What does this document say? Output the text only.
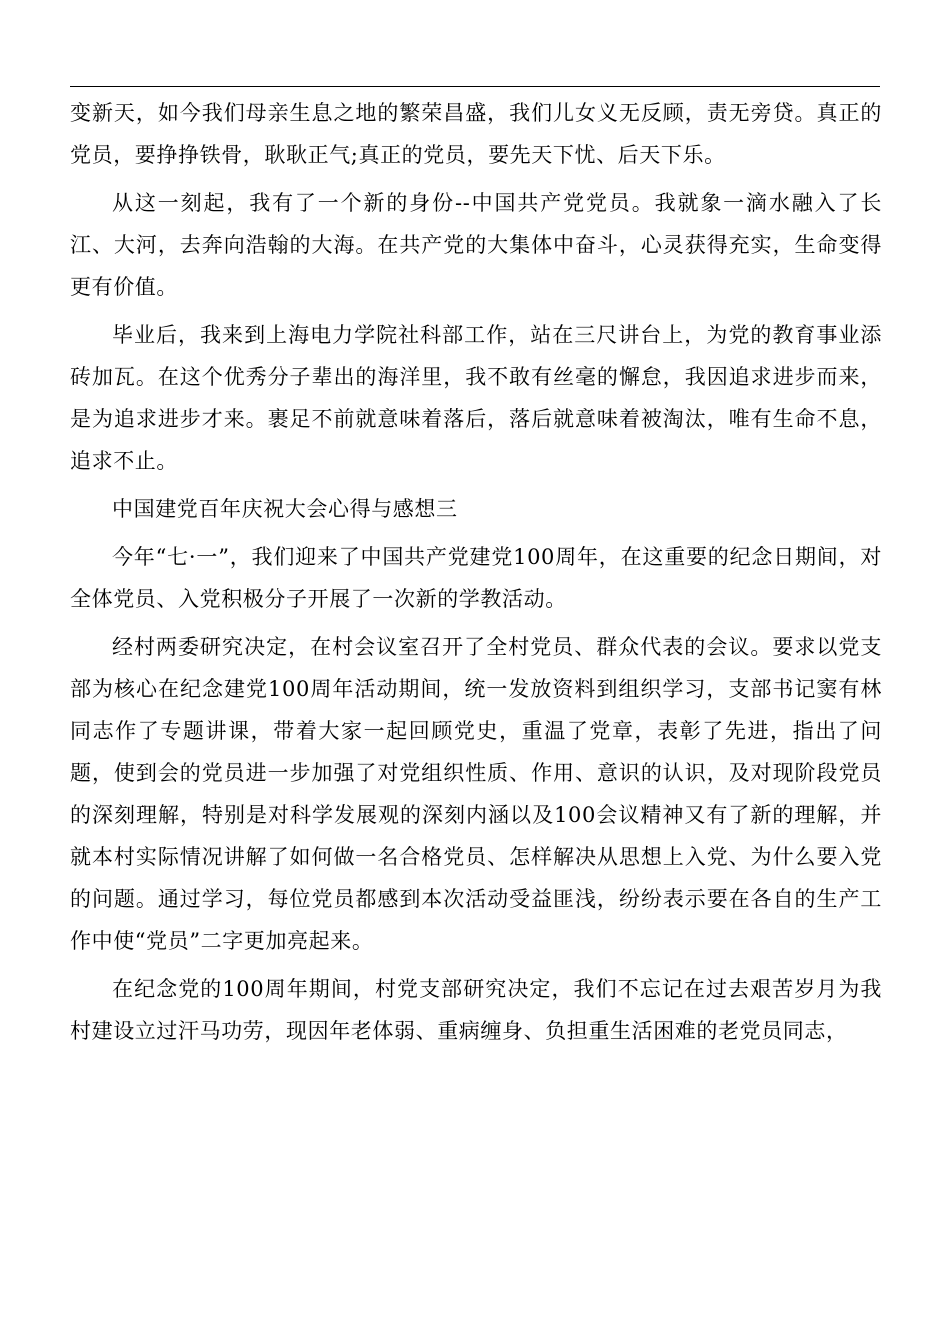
变新天，如今我们母亲生息之地的繁荣昌盛，我们儿女义无反顾，责无旁贷。真正的党员，要挣挣铁骨，耿耿正气;真正的党员，要先天下忧、后天下乐。

从这一刻起，我有了一个新的身份--中国共产党党员。我就象一滴水融入了长江、大河，去奔向浩翰的大海。在共产党的大集体中奋斗，心灵获得充实，生命变得更有价值。

毕业后，我来到上海电力学院社科部工作，站在三尺讲台上，为党的教育事业添砖加瓦。在这个优秀分子辈出的海洋里，我不敢有丝毫的懈怠，我因追求进步而来，是为追求进步才来。裹足不前就意味着落后，落后就意味着被淘汰，唯有生命不息，追求不止。

中国建党百年庆祝大会心得与感想三

今年“七·一”，我们迎来了中国共产党建党100周年，在这重要的纪念日期间，对全体党员、入党积极分子开展了一次新的学教活动。

经村两委研究决定，在村会议室召开了全村党员、群众代表的会议。要求以党支部为核心在纪念建党100周年活动期间，统一发放资料到组织学习，支部书记窦有林同志作了专题讲课，带着大家一起回顾党史，重温了党章，表彰了先进，指出了问题，使到会的党员进一步加强了对党组织性质、作用、意识的认识，及对现阶段党员的深刻理解，特别是对科学发展观的深刻内涵以及100会议精神又有了新的理解，并就本村实际情况讲解了如何做一名合格党员、怎样解决从思想上入党、为什么要入党的问题。通过学习，每位党员都感到本次活动受益匪浅，纷纷表示要在各自的生产工作中使“党员”二字更加亮起来。

在纪念党的100周年期间，村党支部研究决定，我们不忘记在过去艰苦岁月为我村建设立过汗马功劳，现因年老体弱、重病缠身、负担重生活困难的老党员同志，
